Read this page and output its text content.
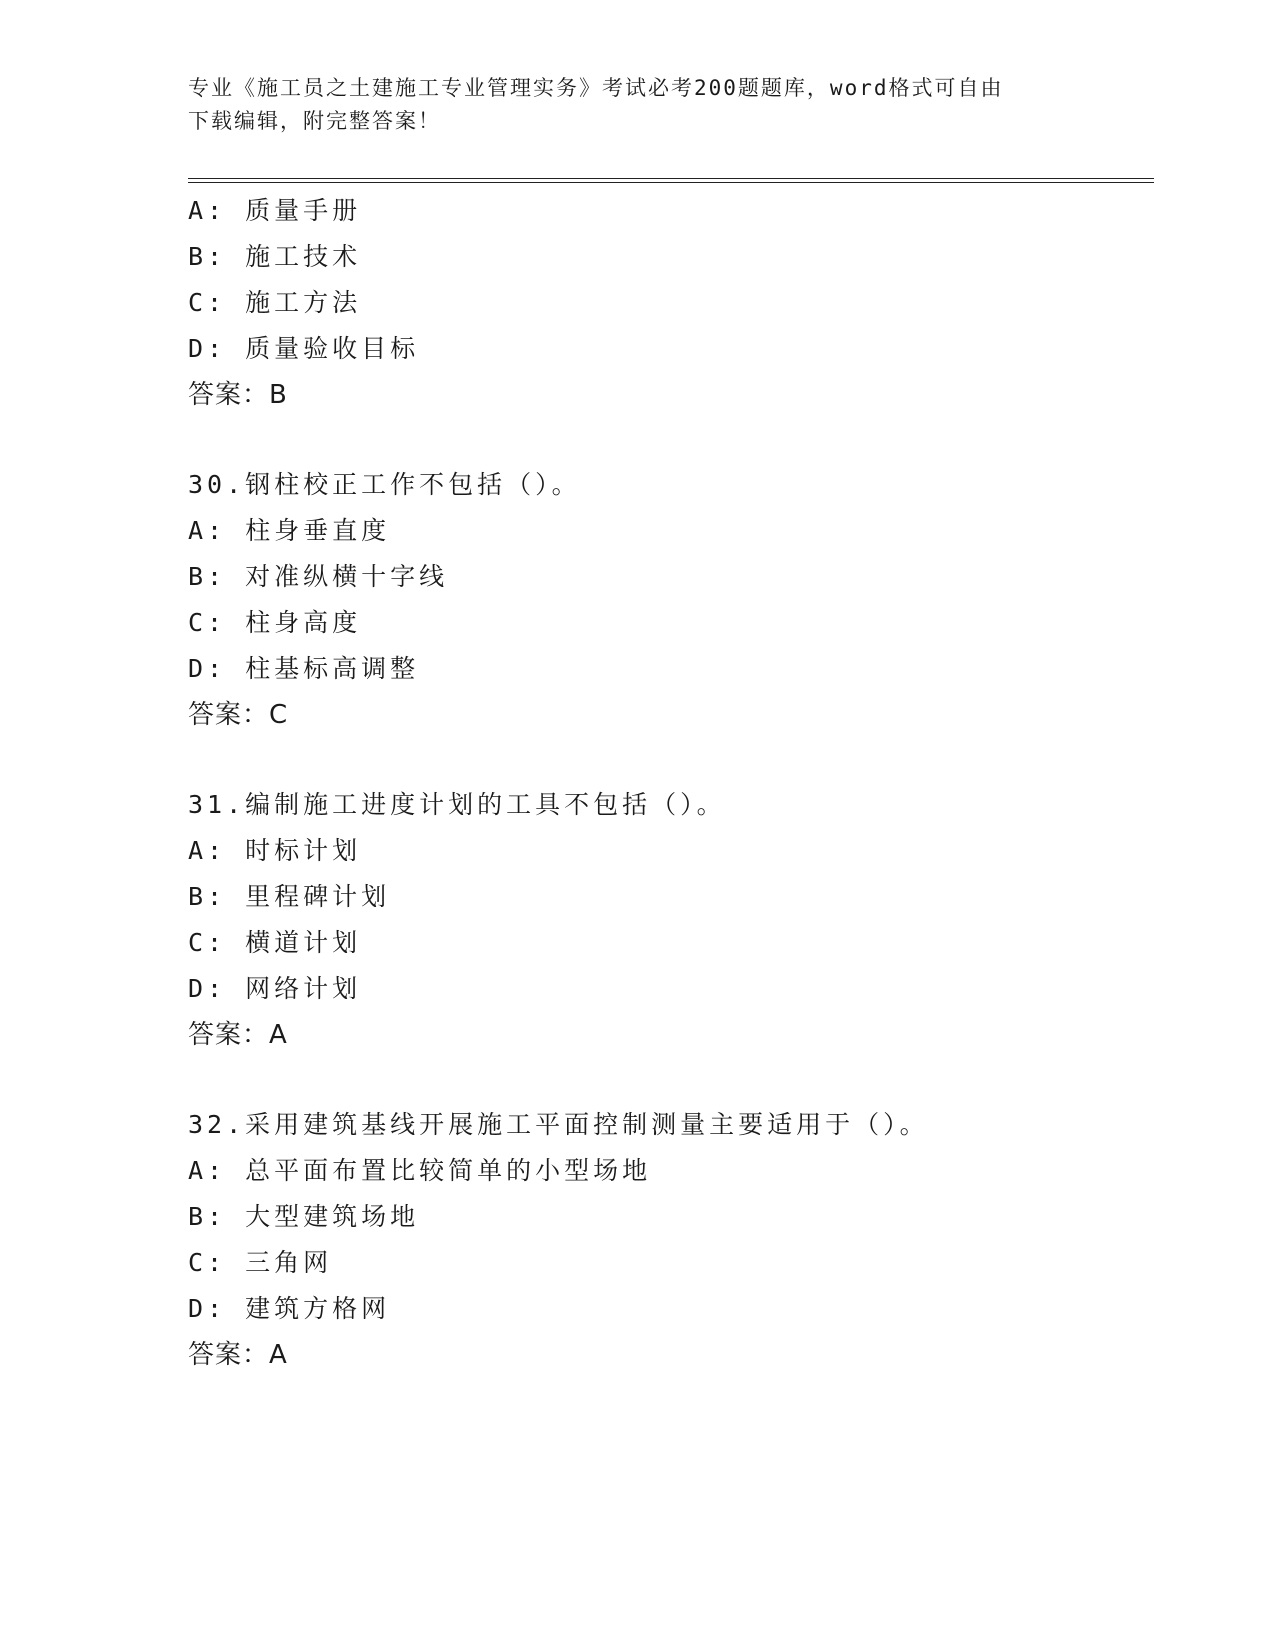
专业《施工员之土建施工专业管理实务》考试必考200题题库，word格式可自由
下载编辑，附完整答案！
A: 质量手册
B: 施工技术
C: 施工方法
D: 质量验收目标
答案：B
30.钢柱校正工作不包括（）。
A: 柱身垂直度
B: 对准纵横十字线
C: 柱身高度
D: 柱基标高调整
答案：C
31.编制施工进度计划的工具不包括（）。
A: 时标计划
B: 里程碑计划
C: 横道计划
D: 网络计划
答案：A
32.采用建筑基线开展施工平面控制测量主要适用于（）。
A: 总平面布置比较简单的小型场地
B: 大型建筑场地
C: 三角网
D: 建筑方格网
答案：A
